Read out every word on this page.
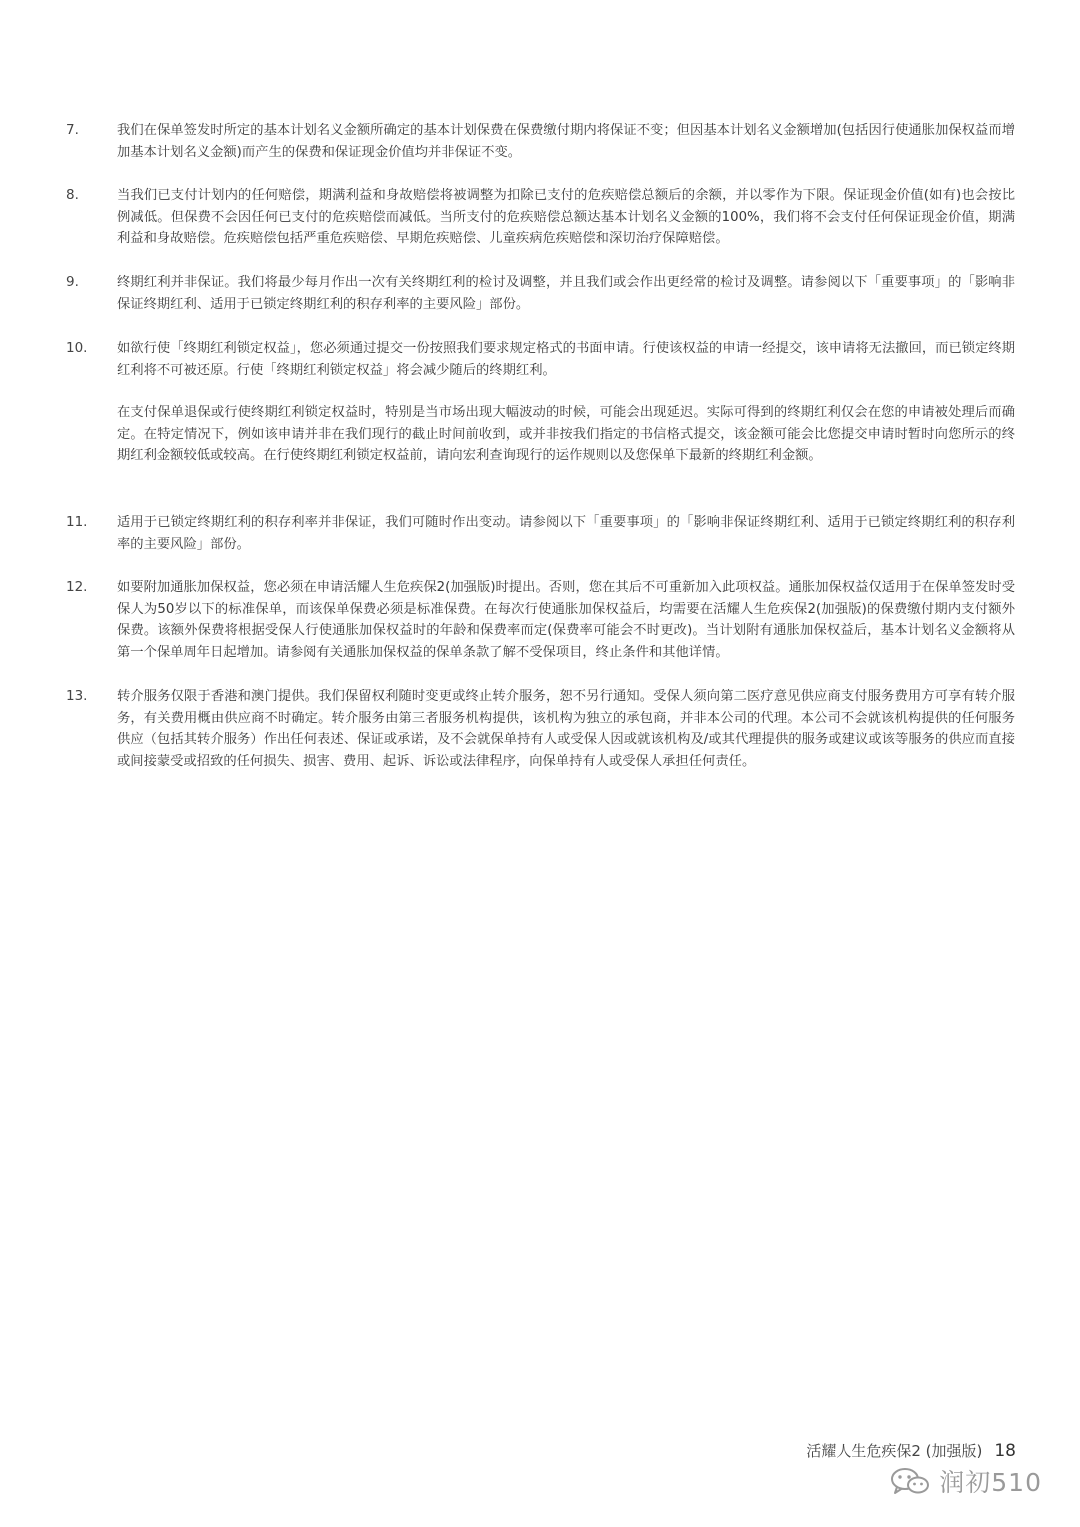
7.	我们在保单签发时所定的基本计划名义金额所确定的基本计划保费在保费缴付期内将保证不变；但因基本计划名义金额增加(包括因行使通胀加保权益而增加基本计划名义金额)而产生的保费和保证现金价值均并非保证不变。

8.	当我们已支付计划内的任何赔偿，期满利益和身故赔偿将被调整为扣除已支付的危疾赔偿总额后的余额，并以零作为下限。保证现金价值(如有)也会按比例减低。但保费不会因任何已支付的危疾赔偿而减低。当所支付的危疾赔偿总额达基本计划名义金额的100%，我们将不会支付任何保证现金价值，期满利益和身故赔偿。危疾赔偿包括严重危疾赔偿、早期危疾赔偿、儿童疾病危疾赔偿和深切治疗保障赔偿。

9.	终期红利并非保证。我们将最少每月作出一次有关终期红利的检讨及调整，并且我们或会作出更经常的检讨及调整。请参阅以下「重要事项」的「影响非保证终期红利、适用于已锁定终期红利的积存利率的主要风险」部份。

10. 如欲行使「终期红利锁定权益」，您必须通过提交一份按照我们要求规定格式的书面申请。行使该权益的申请一经提交，该申请将无法撤回，而已锁定终期红利将不可被还原。行使「终期红利锁定权益」将会减少随后的终期红利。

在支付保单退保或行使终期红利锁定权益时，特别是当市场出现大幅波动的时候，可能会出现延迟。实际可得到的终期红利仅会在您的申请被处理后而确定。在特定情况下，例如该申请并非在我们现行的截止时间前收到，或并非按我们指定的书信格式提交，该金额可能会比您提交申请时暂时向您所示的终期红利金额较低或较高。在行使终期红利锁定权益前，请向宏利查询现行的运作规则以及您保单下最新的终期红利金额。

11. 适用于已锁定终期红利的积存利率并非保证，我们可随时作出变动。请参阅以下「重要事项」的「影响非保证终期红利、适用于已锁定终期红利的积存利率的主要风险」部份。

12. 如要附加通胀加保权益，您必须在申请活耀人生危疾保2(加强版)时提出。否则，您在其后不可重新加入此项权益。通胀加保权益仅适用于在保单签发时受保人为50岁以下的标准保单，而该保单保费必须是标准保费。在每次行使通胀加保权益后，均需要在活耀人生危疾保2(加强版)的保费缴付期内支付额外保费。该额外保费将根据受保人行使通胀加保权益时的年龄和保费率而定(保费率可能会不时更改)。当计划附有通胀加保权益后，基本计划名义金额将从第一个保单周年日起增加。请参阅有关通胀加保权益的保单条款了解不受保项目，终止条件和其他详情。

13. 转介服务仅限于香港和澳门提供。我们保留权利随时变更或终止转介服务，恕不另行通知。受保人须向第二医疗意见供应商支付服务费用方可享有转介服务，有关费用概由供应商不时确定。转介服务由第三者服务机构提供，该机构为独立的承包商，并非本公司的代理。本公司不会就该机构提供的任何服务供应（包括其转介服务）作出任何表述、保证或承诺，及不会就保单持有人或受保人因或就该机构及/或其代理提供的服务或建议或该等服务的供应而直接或间接蒙受或招致的任何损失、损害、费用、起诉、诉讼或法律程序，向保单持有人或受保人承担任何责任。

活耀人生危疾保2 (加强版) 18
润初510
